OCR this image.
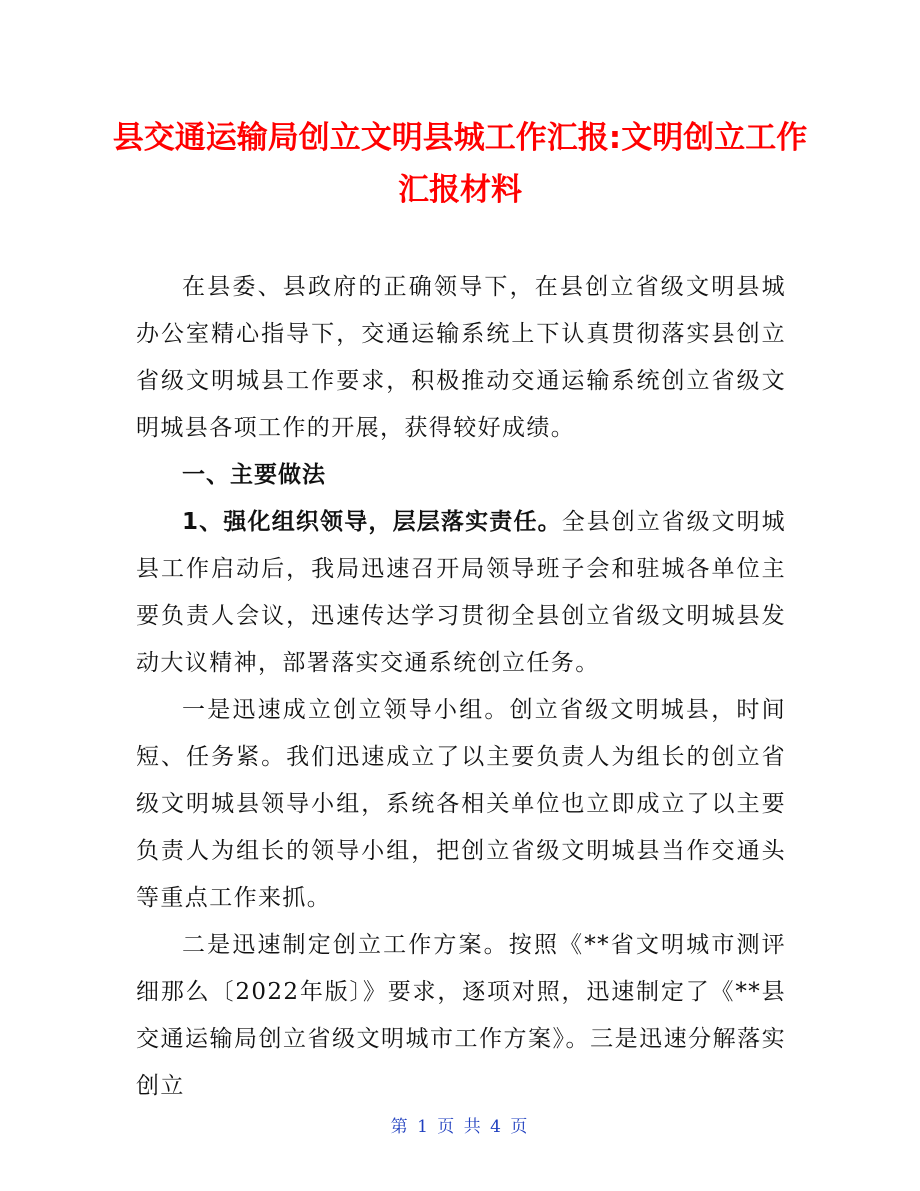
县交通运输局创立文明县城工作汇报:文明创立工作汇报材料

在县委、县政府的正确领导下，在县创立省级文明县城办公室精心指导下，交通运输系统上下认真贯彻落实县创立省级文明城县工作要求，积极推动交通运输系统创立省级文明城县各项工作的开展，获得较好成绩。

一、主要做法

1、强化组织领导，层层落实责任。全县创立省级文明城县工作启动后，我局迅速召开局领导班子会和驻城各单位主要负责人会议，迅速传达学习贯彻全县创立省级文明城县发动大议精神，部署落实交通系统创立任务。

一是迅速成立创立领导小组。创立省级文明城县，时间短、任务紧。我们迅速成立了以主要负责人为组长的创立省级文明城县领导小组，系统各相关单位也立即成立了以主要负责人为组长的领导小组，把创立省级文明城县当作交通头等重点工作来抓。

二是迅速制定创立工作方案。按照《**省文明城市测评细那么〔2022年版〕》要求，逐项对照，迅速制定了《**县交通运输局创立省级文明城市工作方案》。三是迅速分解落实创立

第 1 页 共 4 页
